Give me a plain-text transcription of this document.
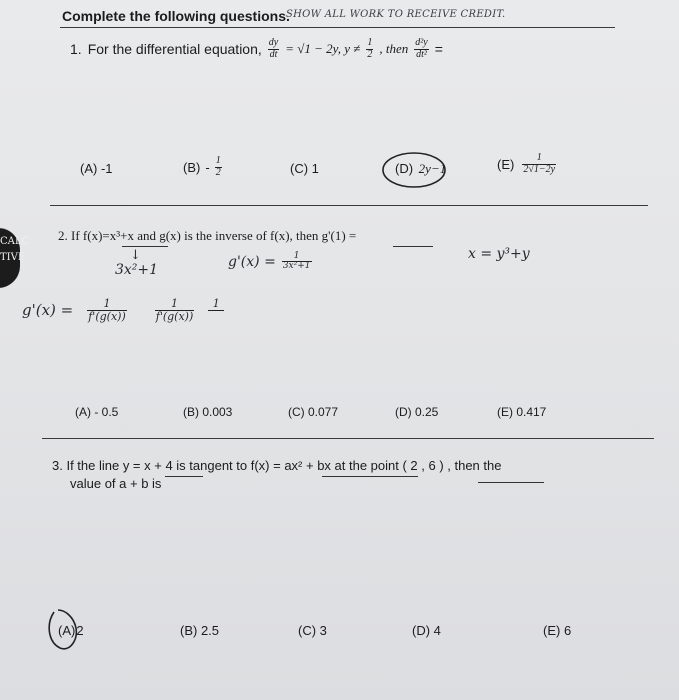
CALC
TIVE
Complete the following questions.
SHOW ALL WORK TO RECEIVE CREDIT.
1. For the differential equation, $\frac{dy}{dt} = √1 - 2y$, $y \ne \frac{1}{2}$ , then $\frac{\text{d²y}}{\text{dt²}}$ =
(A) -1	$(B) - \frac{1}{2}$	(C) 1	(D) 2y−1	$(E) \frac{1}{2√1-2y}$
2. If f(x)=x³+x and g(x) is the inverse of f(x), then g'(1) =
↓
3x²+1
$g'(x) = \frac{1}{\text{3x²+1}}$	x = y³+y
$g'(x) = \frac{1}{f'(g(x))}$	$\frac{1}{f'(g(x))}$	1

(A) - 0.5	(B) 0.003	(C) 0.077	(D) 0.25	(E) 0.417
3. If the line y = x + 4 is tangent to f(x) = ax² + bx at the point ( 2 , 6 ) , then the
value of a + b is
(A)2	(B) 2.5	(C) 3	(D) 4	(E) 6
